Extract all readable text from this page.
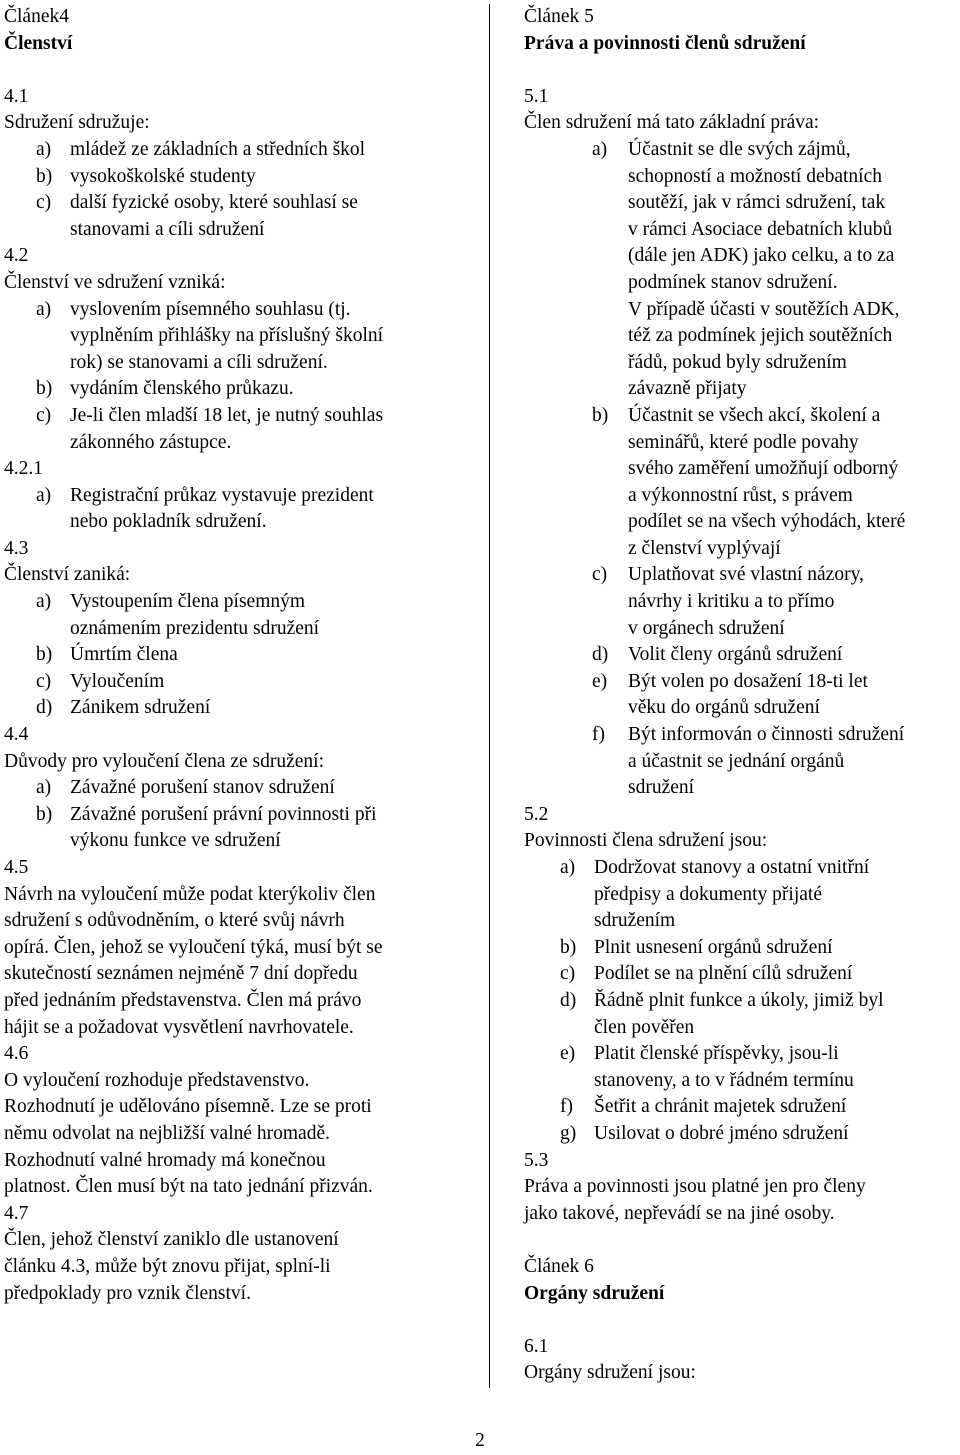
Článek4
Členství
4.1
Sdružení sdružuje:
a) mládež ze základních a středních škol
b) vysokoškolské studenty
c) další fyzické osoby, které souhlasí se
stanovami a cíli sdružení
4.2
Členství ve sdružení vzniká:
a) vyslovením písemného souhlasu (tj.
vyplněním přihlášky na příslušný školní
rok) se stanovami a cíli sdružení.
b) vydáním členského průkazu.
c) Je-li člen mladší 18 let, je nutný souhlas
zákonného zástupce.
4.2.1
a) Registrační průkaz vystavuje prezident
nebo pokladník sdružení.
4.3
Členství zaniká:
a) Vystoupením člena písemným
oznámením prezidentu sdružení
b) Úmrtím člena
c) Vyloučením
d) Zánikem sdružení
4.4
Důvody pro vyloučení člena ze sdružení:
a) Závažné porušení stanov sdružení
b) Závažné porušení právní povinnosti při
výkonu funkce ve sdružení
4.5
Návrh na vyloučení může podat kterýkoliv člen
sdružení s odůvodněním, o které svůj návrh
opírá. Člen, jehož se vyloučení týká, musí být se
skutečností seznámen nejméně 7 dní dopředu
před jednáním představenstva. Člen má právo
hájit se a požadovat vysvětlení navrhovatele.
4.6
O vyloučení rozhoduje představenstvo.
Rozhodnutí je udělováno písemně. Lze se proti
němu odvolat na nejbližší valné hromadě.
Rozhodnutí valné hromady má konečnou
platnost. Člen musí být na tato jednání přizván.
4.7
Člen, jehož členství zaniklo dle ustanovení
článku 4.3, může být znovu přijat, splní-li
předpoklady pro vznik členství.
Článek 5
Práva a povinnosti členů sdružení
5.1
Člen sdružení má tato základní práva:
a)	Účastnit se dle svých zájmů,
schopností a možností debatních
soutěží, jak v rámci sdružení, tak
v rámci Asociace debatních klubů
(dále jen ADK) jako celku, a to za
podmínek stanov sdružení.
V případě účasti v soutěžích ADK,
též za podmínek jejich soutěžních
řádů, pokud byly sdružením
závazně přijaty
b)	Účastnit se všech akcí, školení a
seminářů, které podle povahy
svého zaměření umožňují odborný
a výkonnostní růst, s právem
podílet se na všech výhodách, které
z členství vyplývají
c)	Uplatňovat své vlastní názory,
návrhy i kritiku a to přímo
v orgánech sdružení
d)	Volit členy orgánů sdružení
e)	Být volen po dosažení 18-ti let
věku do orgánů sdružení
f)	Být informován o činnosti sdružení
a účastnit se jednání orgánů
sdružení
5.2
Povinnosti člena sdružení jsou:
a) Dodržovat stanovy a ostatní vnitřní
předpisy a dokumenty přijaté
sdružením
b) Plnit usnesení orgánů sdružení
c) Podílet se na plnění cílů sdružení
d) Řádně plnit funkce a úkoly, jimiž byl
člen pověřen
e) Platit členské příspěvky, jsou-li
stanoveny, a to v řádném termínu
f)	Šetřit a chránit majetek sdružení
g) Usilovat o dobré jméno sdružení
5.3
Práva a povinnosti jsou platné jen pro členy
jako takové, nepřevádí se na jiné osoby.
Článek 6
Orgány sdružení
6.1
Orgány sdružení jsou:
2
